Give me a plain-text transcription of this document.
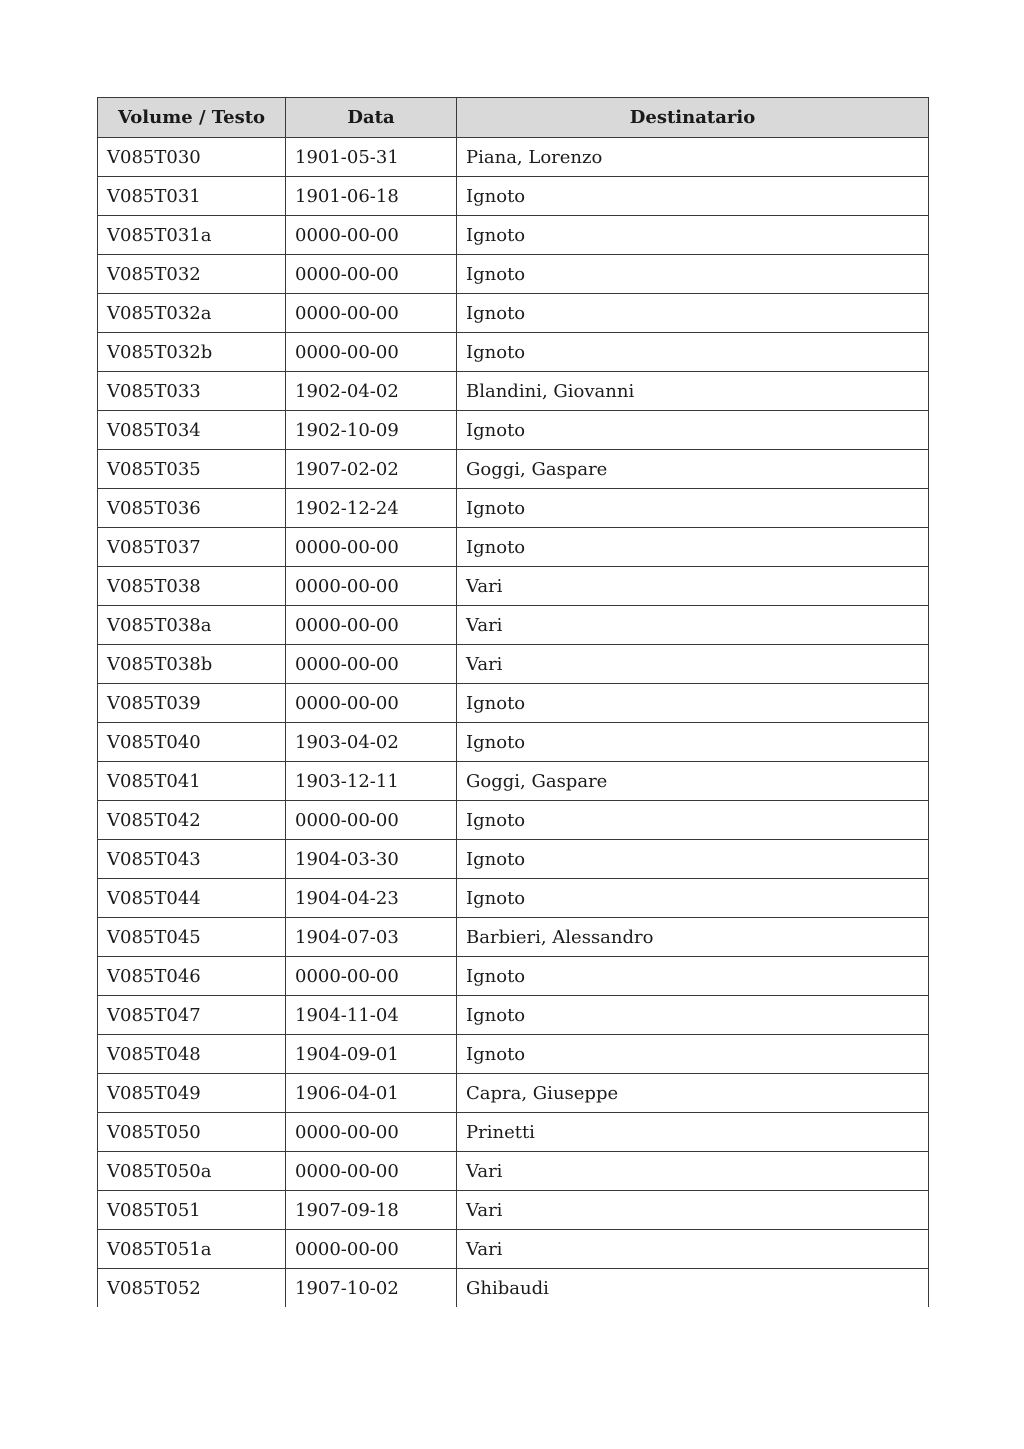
Volume / Testo	Data	Destinatario
V085T030	1901-05-31	Piana, Lorenzo
V085T031	1901-06-18	Ignoto
V085T031a	0000-00-00	Ignoto
V085T032	0000-00-00	Ignoto
V085T032a	0000-00-00	Ignoto
V085T032b	0000-00-00	Ignoto
V085T033	1902-04-02	Blandini, Giovanni
V085T034	1902-10-09	Ignoto
V085T035	1907-02-02	Goggi, Gaspare
V085T036	1902-12-24	Ignoto
V085T037	0000-00-00	Ignoto
V085T038	0000-00-00	Vari
V085T038a	0000-00-00	Vari
V085T038b	0000-00-00	Vari
V085T039	0000-00-00	Ignoto
V085T040	1903-04-02	Ignoto
V085T041	1903-12-11	Goggi, Gaspare
V085T042	0000-00-00	Ignoto
V085T043	1904-03-30	Ignoto
V085T044	1904-04-23	Ignoto
V085T045	1904-07-03	Barbieri, Alessandro
V085T046	0000-00-00	Ignoto
V085T047	1904-11-04	Ignoto
V085T048	1904-09-01	Ignoto
V085T049	1906-04-01	Capra, Giuseppe
V085T050	0000-00-00	Prinetti
V085T050a	0000-00-00	Vari
V085T051	1907-09-18	Vari
V085T051a	0000-00-00	Vari
V085T052	1907-10-02	Ghibaudi
